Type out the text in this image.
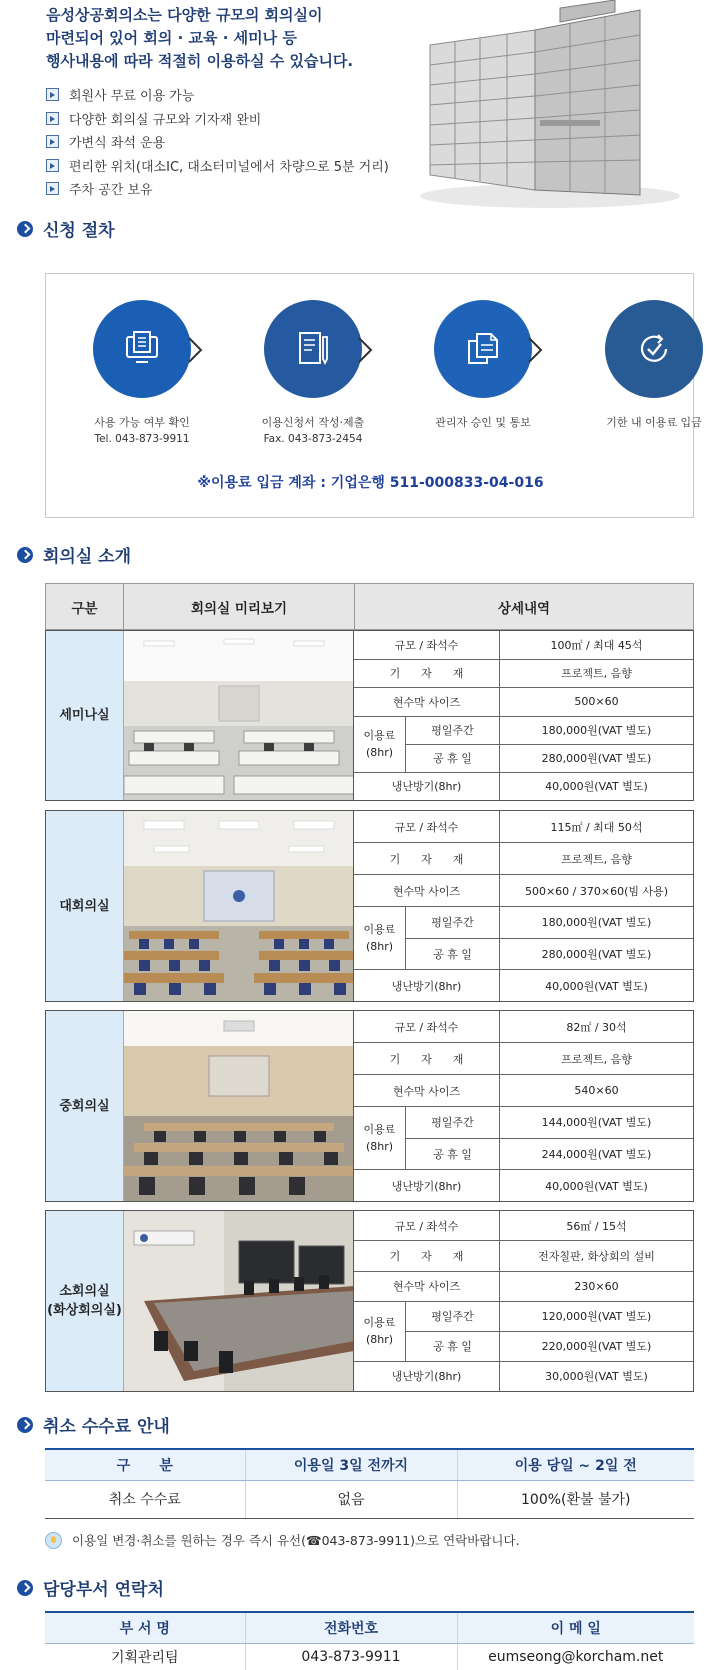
음성상공회의소는 다양한 규모의 회의실이
마련되어 있어 회의 · 교육 · 세미나 등
행사내용에 따라 적절히 이용하실 수 있습니다.
회원사 무료 이용 가능
다양한 회의실 규모와 기자재 완비
가변식 좌석 운용
편리한 위치(대소IC, 대소터미널에서 차량으로 5분 거리)
주차 공간 보유
신청 절차
사용 가능 여부 확인
Tel. 043-873-9911
이용신청서 작성·제출
Fax. 043-873-2454
관리자 승인 및 통보	기한 내 이용료 입금
※이용료 입금 계좌 : 기업은행 511-000833-04-016
회의실 소개
구분	회의실 미리보기	상세내역
세미나실
규모 / 좌석수	100㎡ / 최대 45석
기      자      재	프로젝트, 음향
현수막 사이즈	500×60
이용료
(8hr)
평일주간	180,000원(VAT 별도)
공 휴 일	280,000원(VAT 별도)
냉난방기(8hr)	40,000원(VAT 별도)
대회의실
규모 / 좌석수	115㎡ / 최대 50석
기      자      재	프로젝트, 음향
현수막 사이즈	500×60 / 370×60(빔 사용)
이용료
(8hr)
평일주간	180,000원(VAT 별도)
공 휴 일	280,000원(VAT 별도)
냉난방기(8hr)	40,000원(VAT 별도)
중회의실
규모 / 좌석수	82㎡ / 30석
기      자      재	프로젝트, 음향
현수막 사이즈	540×60
이용료
(8hr)
평일주간	144,000원(VAT 별도)
공 휴 일	244,000원(VAT 별도)
냉난방기(8hr)	40,000원(VAT 별도)
소회의실
(화상회의실)
규모 / 좌석수	56㎡ / 15석
기      자      재	전자칠판, 화상회의 설비
현수막 사이즈	230×60
이용료
(8hr)
평일주간	120,000원(VAT 별도)
공 휴 일	220,000원(VAT 별도)
냉난방기(8hr)	30,000원(VAT 별도)
취소 수수료 안내
구      분	이용일 3일 전까지	이용 당일 ~ 2일 전
취소 수수료	없음	100%(환불 불가)
이용일 변경·취소를 원하는 경우 즉시 유선(☎043-873-9911)으로 연락바랍니다.
담당부서 연락처
부 서 명	전화번호	이 메 일
기획관리팀	043-873-9911	eumseong@korcham.net
